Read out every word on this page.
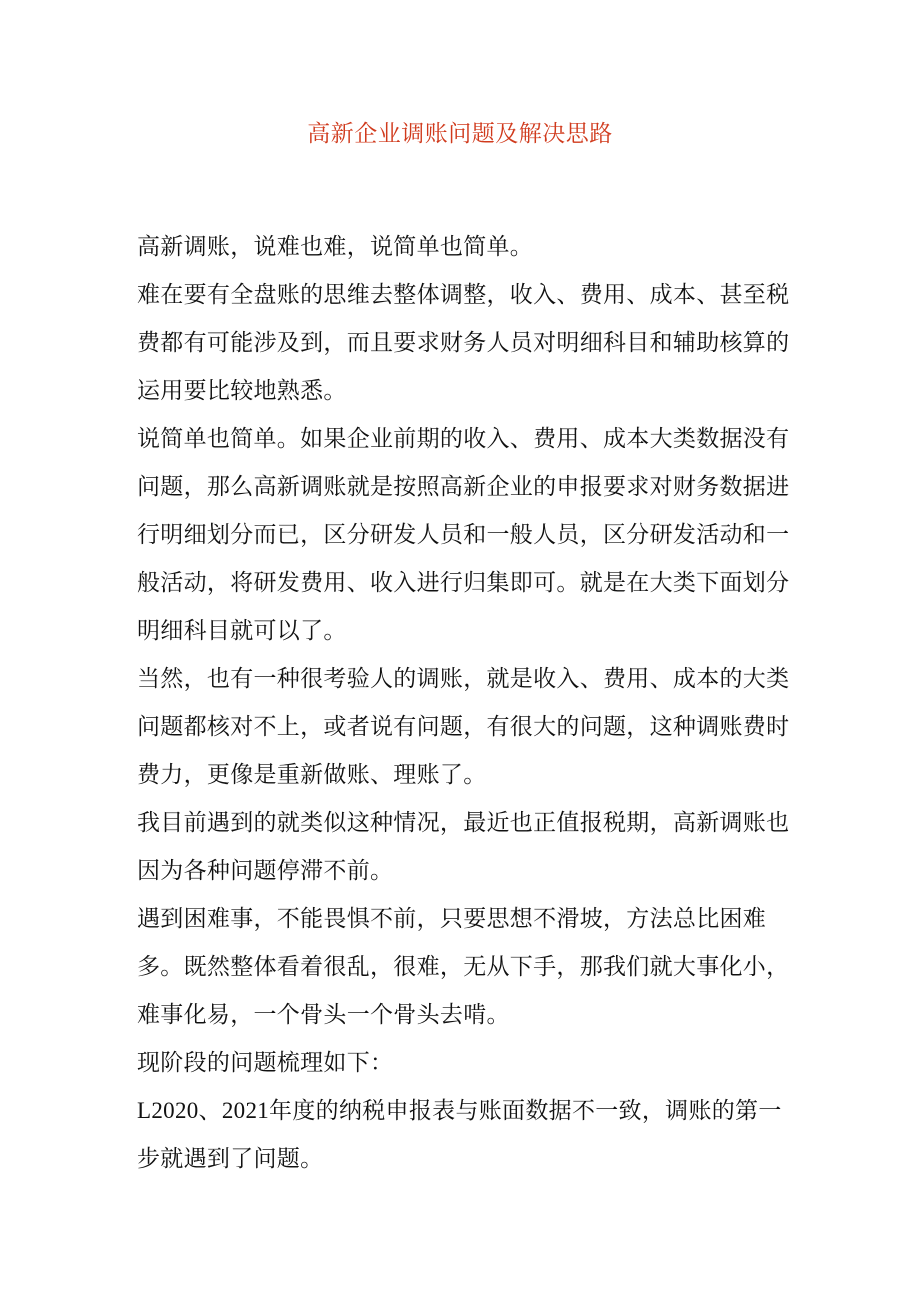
高新企业调账问题及解决思路

高新调账，说难也难，说简单也简单。

难在要有全盘账的思维去整体调整，收入、费用、成本、甚至税费都有可能涉及到，而且要求财务人员对明细科目和辅助核算的运用要比较地熟悉。

说简单也简单。如果企业前期的收入、费用、成本大类数据没有问题，那么高新调账就是按照高新企业的申报要求对财务数据进行明细划分而已，区分研发人员和一般人员，区分研发活动和一般活动，将研发费用、收入进行归集即可。就是在大类下面划分明细科目就可以了。

当然，也有一种很考验人的调账，就是收入、费用、成本的大类问题都核对不上，或者说有问题，有很大的问题，这种调账费时费力，更像是重新做账、理账了。

我目前遇到的就类似这种情况，最近也正值报税期，高新调账也因为各种问题停滞不前。

遇到困难事，不能畏惧不前，只要思想不滑坡，方法总比困难多。既然整体看着很乱，很难，无从下手，那我们就大事化小，难事化易，一个骨头一个骨头去啃。

现阶段的问题梳理如下：

L2020、2021年度的纳税申报表与账面数据不一致，调账的第一步就遇到了问题。
